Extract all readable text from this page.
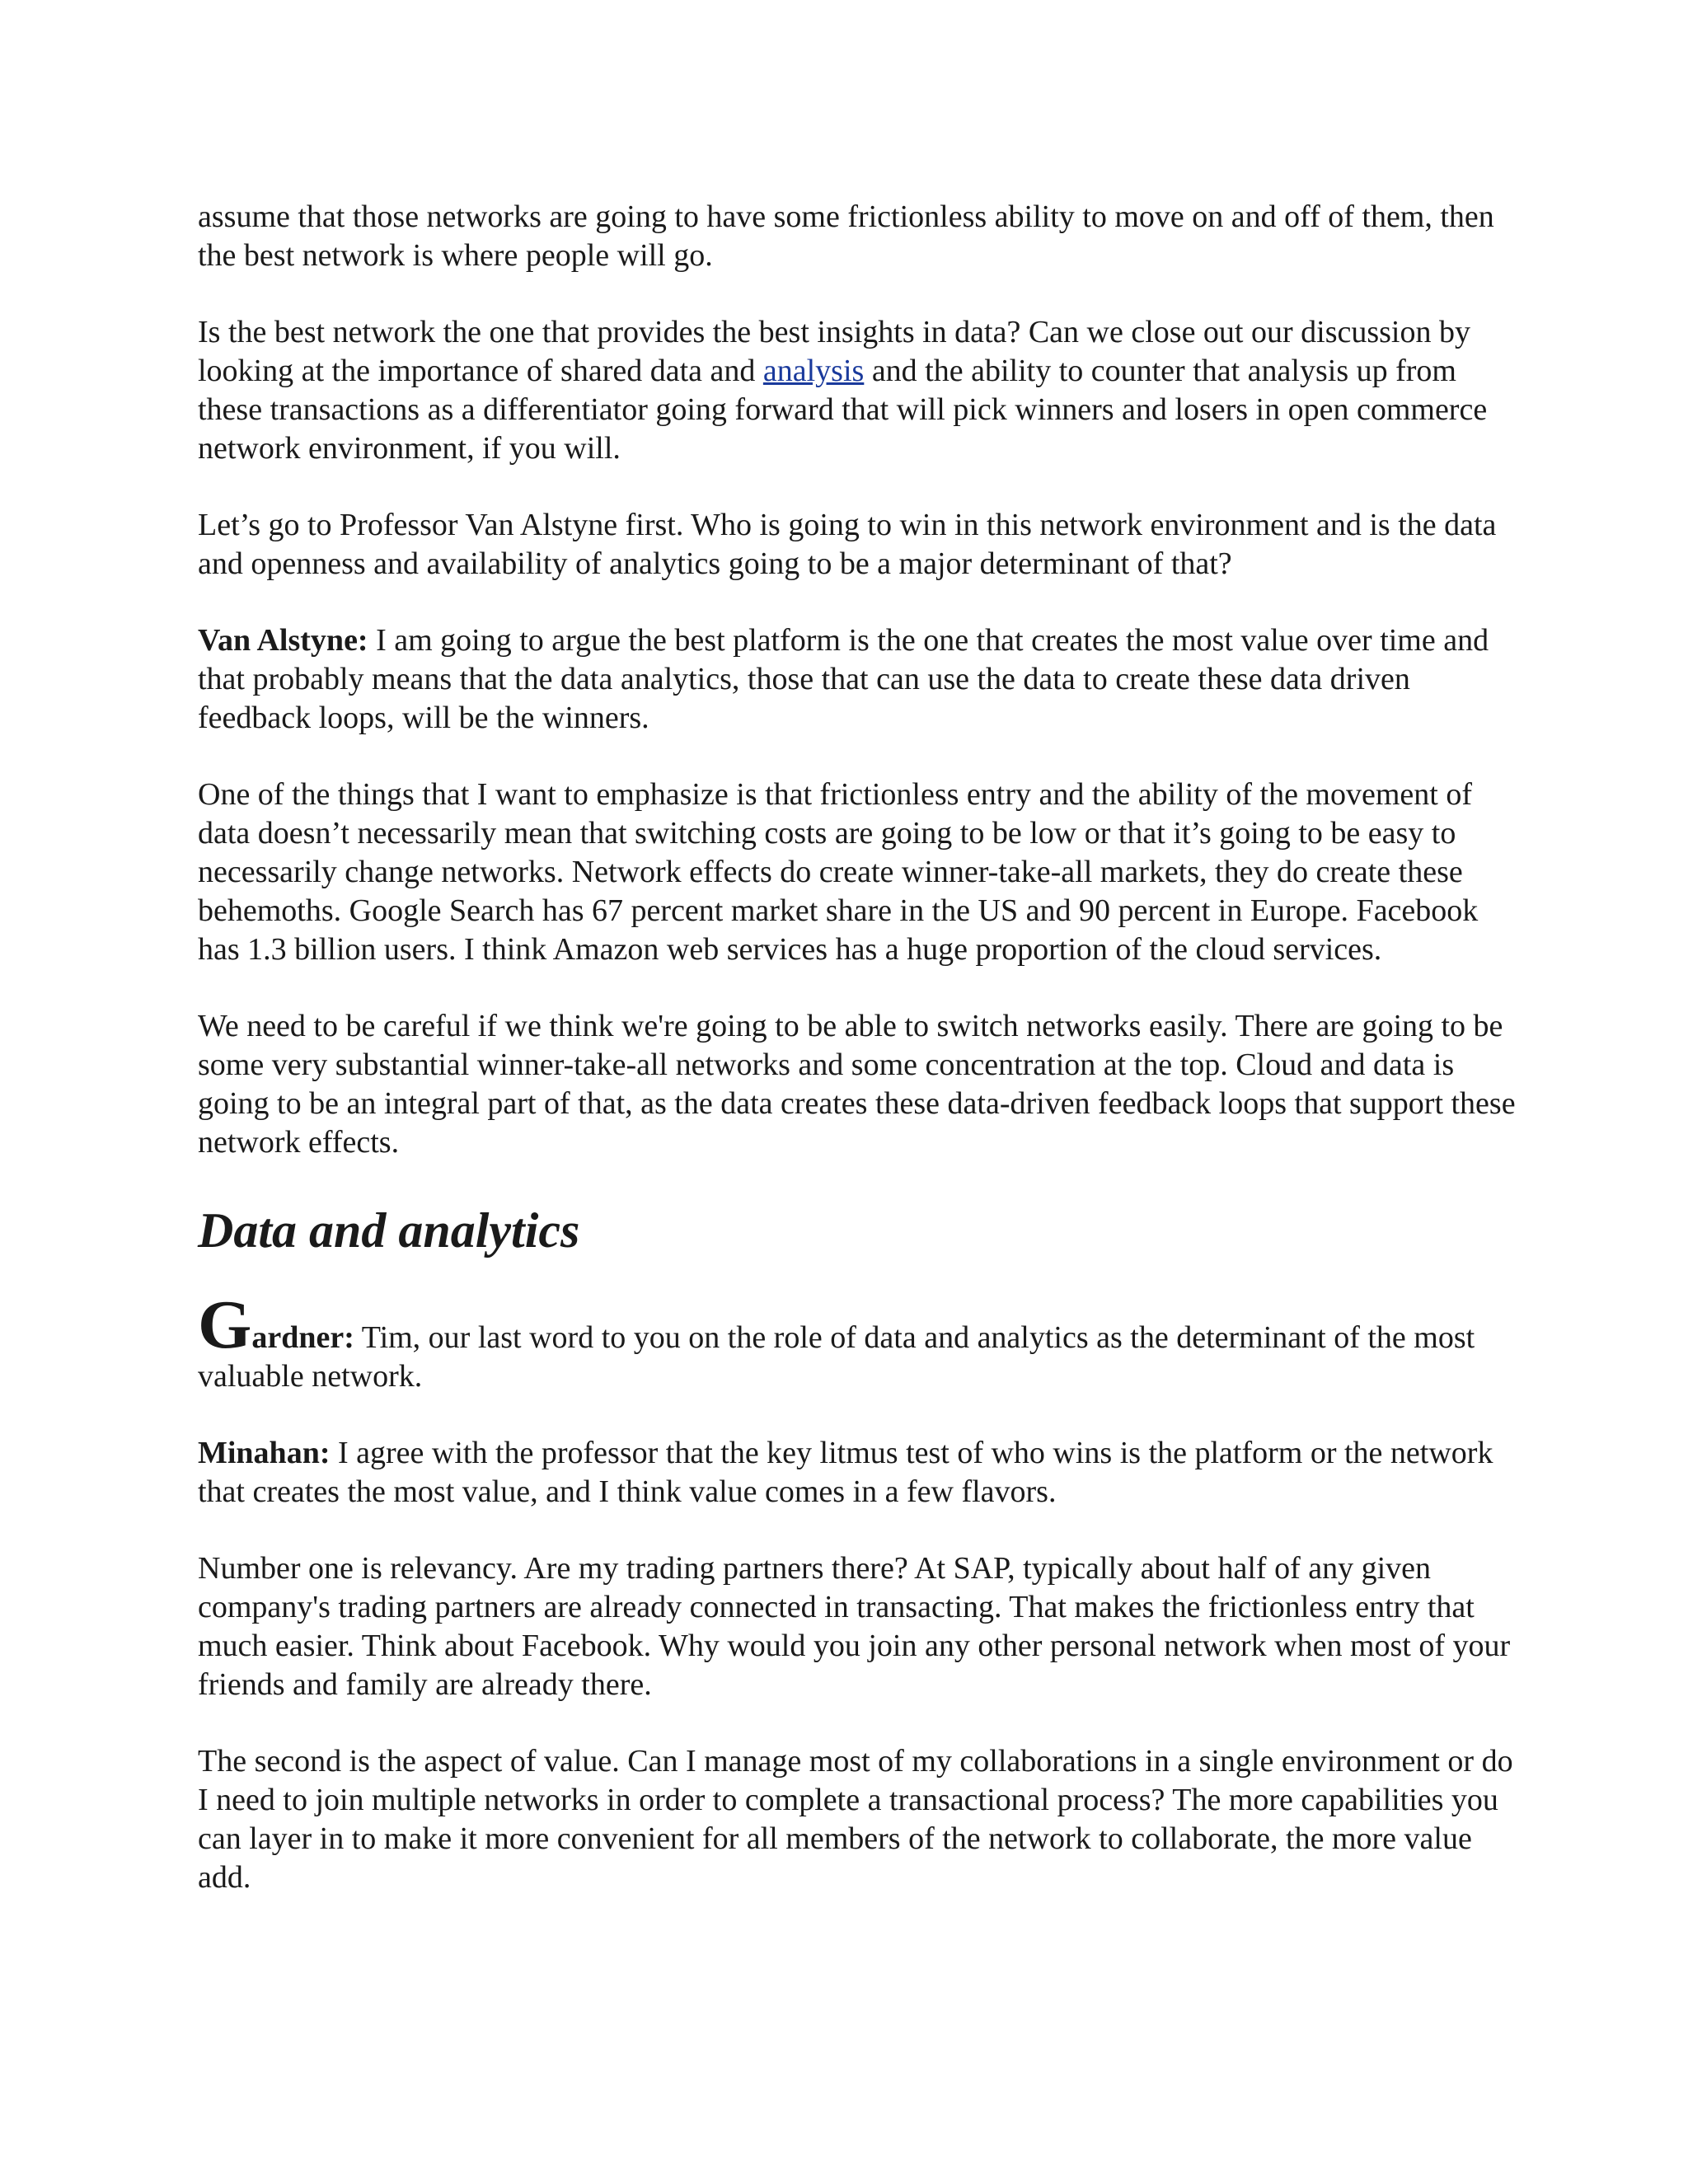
assume that those networks are going to have some frictionless ability to move on and off of them, then the best network is where people will go.

Is the best network the one that provides the best insights in data? Can we close out our discussion by looking at the importance of shared data and analysis and the ability to counter that analysis up from these transactions as a differentiator going forward that will pick winners and losers in open commerce network environment, if you will.

Let’s go to Professor Van Alstyne first. Who is going to win in this network environment and is the data and openness and availability of analytics going to be a major determinant of that?

Van Alstyne: I am going to argue the best platform is the one that creates the most value over time and that probably means that the data analytics, those that can use the data to create these data driven feedback loops, will be the winners.

One of the things that I want to emphasize is that frictionless entry and the ability of the movement of data doesn’t necessarily mean that switching costs are going to be low or that it’s going to be easy to necessarily change networks. Network effects do create winner-take-all markets, they do create these behemoths. Google Search has 67 percent market share in the US and 90 percent in Europe. Facebook has 1.3 billion users. I think Amazon web services has a huge proportion of the cloud services.

We need to be careful if we think we're going to be able to switch networks easily. There are going to be some very substantial winner-take-all networks and some concentration at the top. Cloud and data is going to be an integral part of that, as the data creates these data-driven feedback loops that support these network effects.

Data and analytics

Gardner: Tim, our last word to you on the role of data and analytics as the determinant of the most valuable network.

Minahan: I agree with the professor that the key litmus test of who wins is the platform or the network that creates the most value, and I think value comes in a few flavors.

Number one is relevancy. Are my trading partners there? At SAP, typically about half of any given company's trading partners are already connected in transacting. That makes the frictionless entry that much easier. Think about Facebook. Why would you join any other personal network when most of your friends and family are already there.

The second is the aspect of value. Can I manage most of my collaborations in a single environment or do I need to join multiple networks in order to complete a transactional process? The more capabilities you can layer in to make it more convenient for all members of the network to collaborate, the more value add.
